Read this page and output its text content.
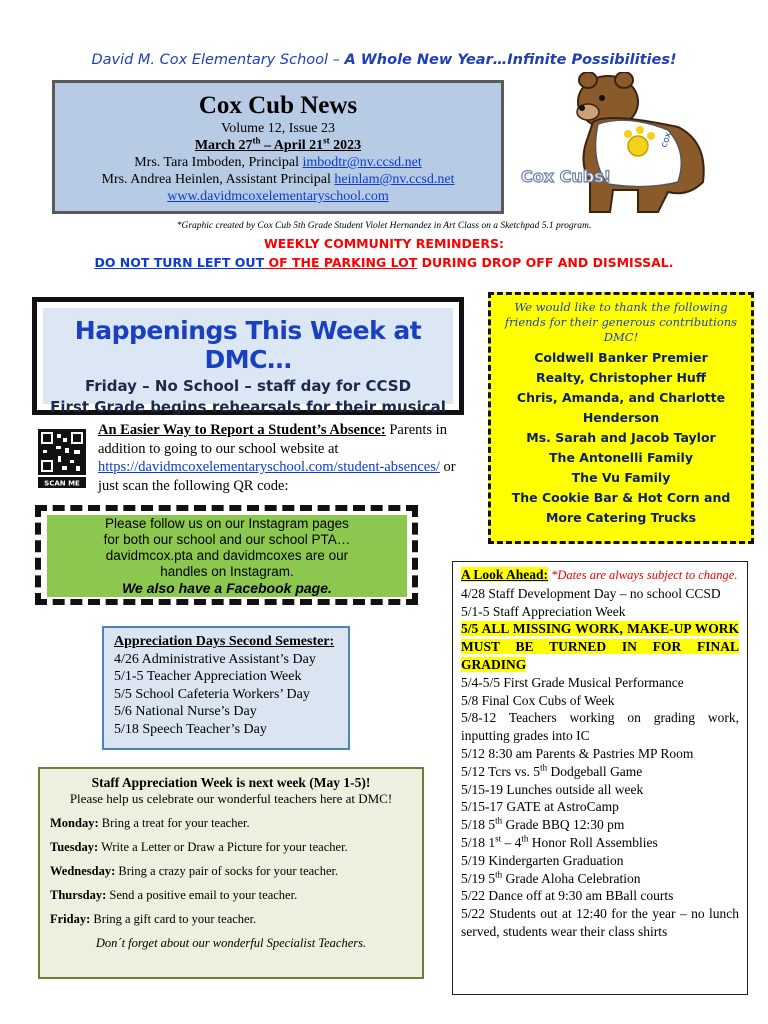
David M. Cox Elementary School – A Whole New Year…Infinite Possibilities!
Cox Cub News
Volume 12, Issue 23
March 27th – April 21st 2023
Mrs. Tara Imboden, Principal imbodtr@nv.ccsd.net
Mrs. Andrea Heinlen, Assistant Principal heinlam@nv.ccsd.net
www.davidmcoxelementaryschool.com
cox
Cox Cubs!
*Graphic created by Cox Cub 5th Grade Student Violet Hernandez in Art Class on a Sketchpad 5.1 program.
WEEKLY COMMUNITY REMINDERS:
DO NOT TURN LEFT OUT OF THE PARKING LOT DURING DROP OFF AND DISMISSAL.
Happenings This Week at DMC…
Friday – No School – staff day for CCSD
First Grade begins rehearsals for their musical
SCAN ME
An Easier Way to Report a Student’s Absence: Parents in addition to going to our school website at https://davidmcoxelementaryschool.com/student-absences/ or just scan the following QR code:
Please follow us on our Instagram pages
for both our school and our school PTA…
davidmcox.pta and davidmcoxes are our
handles on Instagram.
We also have a Facebook page.
We would like to thank the following friends for their generous contributions DMC!
Coldwell Banker Premier
Realty, Christopher Huff
Chris, Amanda, and Charlotte
Henderson
Ms. Sarah and Jacob Taylor
The Antonelli Family
The Vu Family
The Cookie Bar & Hot Corn and
More Catering Trucks
Appreciation Days Second Semester:
4/26 Administrative Assistant’s Day
5/1-5 Teacher Appreciation Week
5/5 School Cafeteria Workers’ Day
5/6 National Nurse’s Day
5/18 Speech Teacher’s Day
Staff Appreciation Week is next week (May 1-5)!
Please help us celebrate our wonderful teachers here at DMC!
Monday: Bring a treat for your teacher.
Tuesday: Write a Letter or Draw a Picture for your teacher.
Wednesday: Bring a crazy pair of socks for your teacher.
Thursday: Send a positive email to your teacher.
Friday: Bring a gift card to your teacher.
Don´t forget about our wonderful Specialist Teachers.
A Look Ahead: *Dates are always subject to change.
4/28 Staff Development Day – no school CCSD
5/1-5 Staff Appreciation Week
5/5 ALL MISSING WORK, MAKE-UP WORK MUST BE TURNED IN FOR FINAL GRADING
5/4-5/5 First Grade Musical Performance
5/8 Final Cox Cubs of Week
5/8-12 Teachers working on grading work, inputting grades into IC
5/12 8:30 am Parents & Pastries MP Room
5/12 Tcrs vs. 5th Dodgeball Game
5/15-19 Lunches outside all week
5/15-17 GATE at AstroCamp
5/18 5th Grade BBQ 12:30 pm
5/18 1st – 4th Honor Roll Assemblies
5/19 Kindergarten Graduation
5/19 5th Grade Aloha Celebration
5/22 Dance off at 9:30 am BBall courts
5/22 Students out at 12:40 for the year – no lunch served, students wear their class shirts
